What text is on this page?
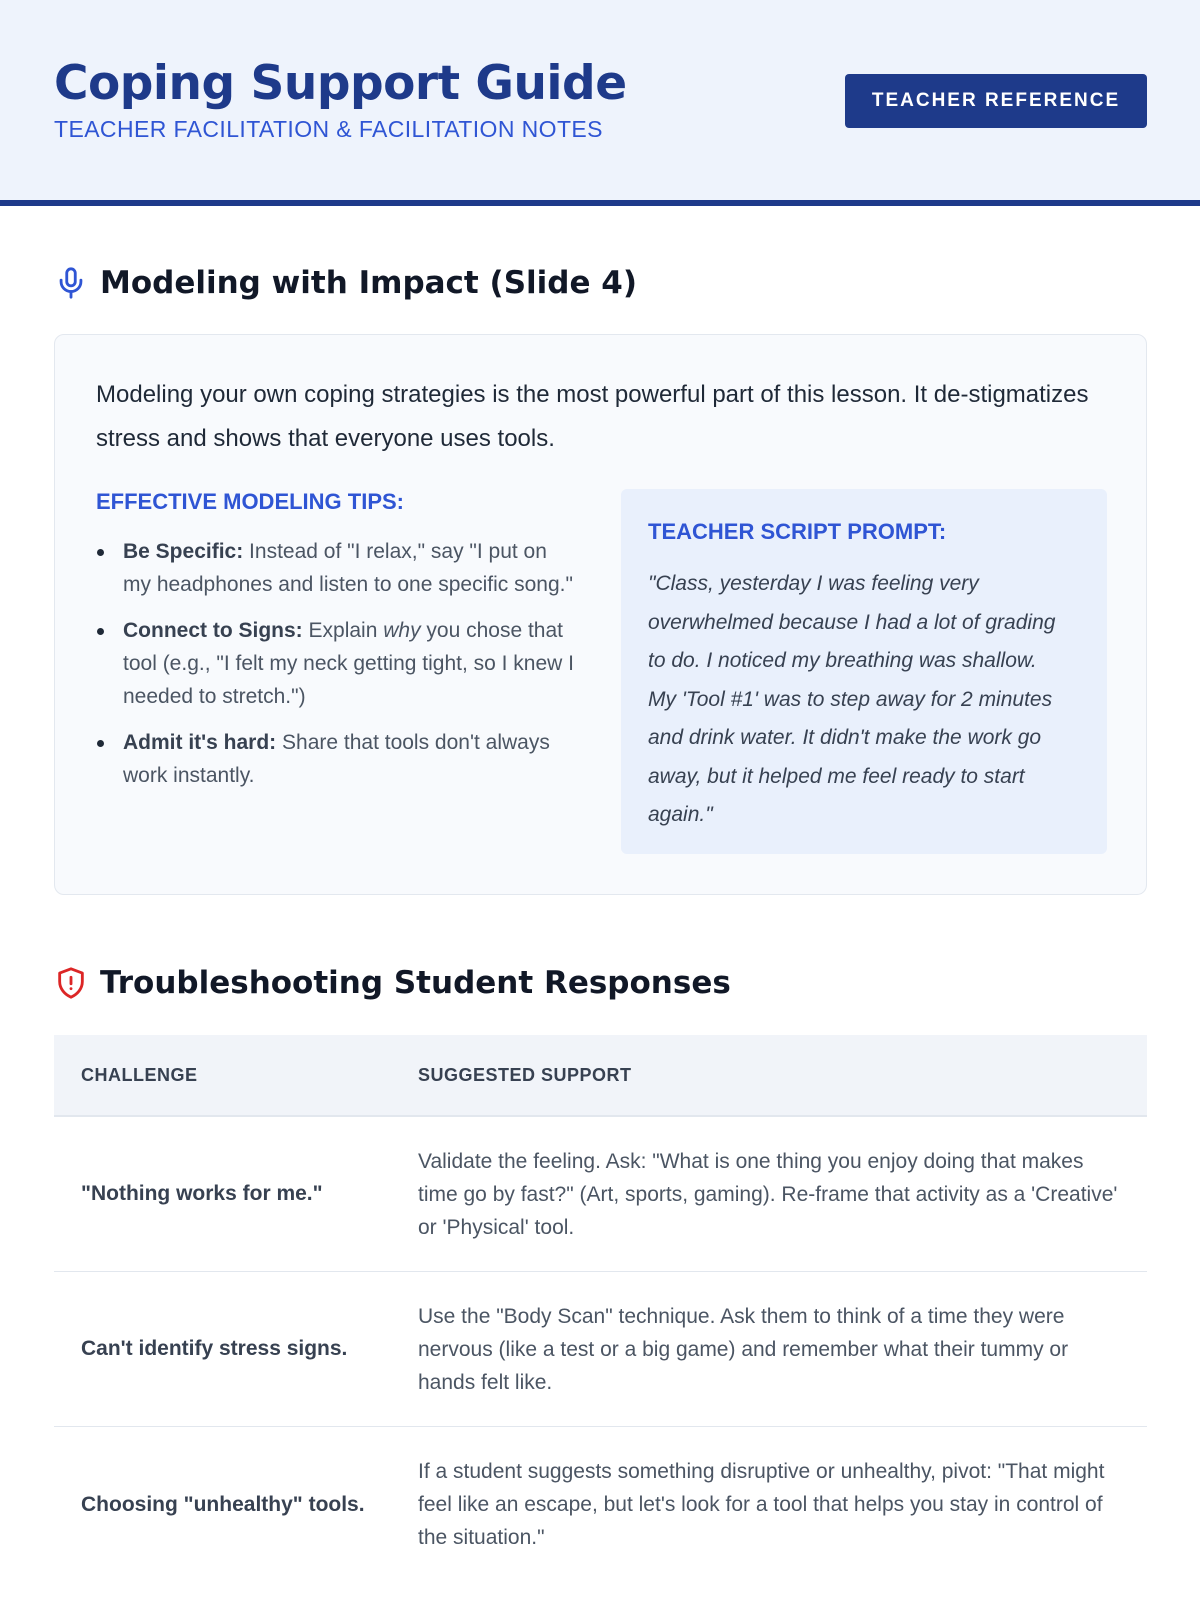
Coping Support Guide
TEACHER FACILITATION & FACILITATION NOTES
TEACHER REFERENCE
Modeling with Impact (Slide 4)

Modeling your own coping strategies is the most powerful part of this lesson. It de-stigmatizes stress and shows that everyone uses tools.

EFFECTIVE MODELING TIPS:
Be Specific: Instead of "I relax," say "I put on my headphones and listen to one specific song."
Connect to Signs: Explain why you chose that tool (e.g., "I felt my neck getting tight, so I knew I needed to stretch.")
Admit it's hard: Share that tools don't always work instantly.
TEACHER SCRIPT PROMPT:

"Class, yesterday I was feeling very overwhelmed because I had a lot of grading to do. I noticed my breathing was shallow. My 'Tool #1' was to step away for 2 minutes and drink water. It didn't make the work go away, but it helped me feel ready to start again."

Troubleshooting Student Responses
CHALLENGE	SUGGESTED SUPPORT
"Nothing works for me."
Validate the feeling. Ask: "What is one thing you enjoy doing that makes time go by fast?" (Art, sports, gaming). Re-frame that activity as a 'Creative' or 'Physical' tool.
Can't identify stress signs.
Use the "Body Scan" technique. Ask them to think of a time they were nervous (like a test or a big game) and remember what their tummy or hands felt like.
Choosing "unhealthy" tools.
If a student suggests something disruptive or unhealthy, pivot: "That might feel like an escape, but let's look for a tool that helps you stay in control of the situation."
